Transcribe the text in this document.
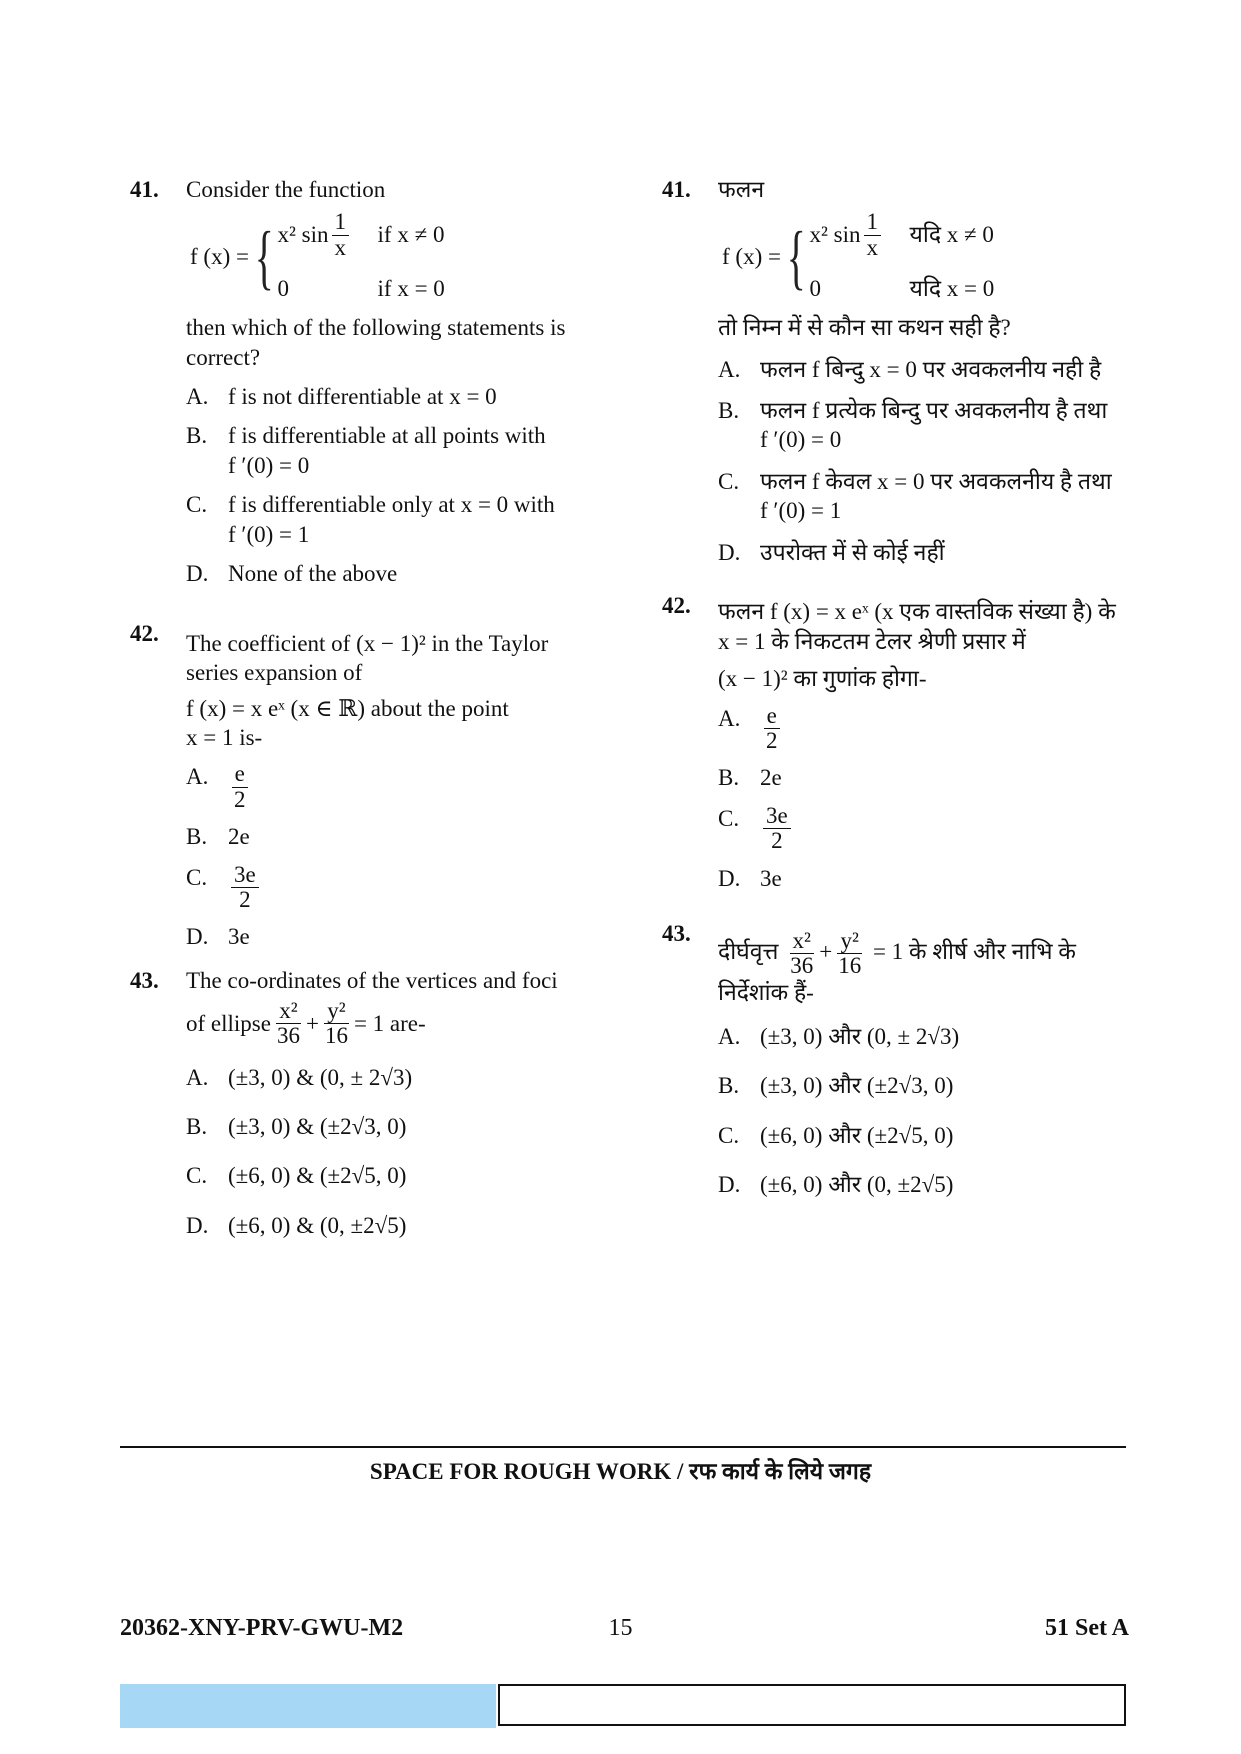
41. Consider the function
f (x) = { x² $\sin \frac{1}{x}$ if x ≠ 0
0	if x = 0
then which of the following statements is correct?
A. f is not differentiable at x = 0
B. f is differentiable at all points with
f ′(0) = 0
C. f is differentiable only at x = 0 with
f ′(0) = 1
D. None of the above
42. The coefficient of (x − 1)² in the Taylor series expansion of
f (x) = x eˣ (x ∈ ℝ) about the point
x = 1 is-
A. $\frac{e}{2}$
B. 2e
C. $\frac{3e}{2}$
D. 3e
43. The co-ordinates of the vertices and foci
of ellipse $\frac{\text{x²}}{36} + \frac{\text{y²}}{16} = 1$ are-
A. (±3, 0) & (0, ± 2√3)
B. (±3, 0) & (±2√3, 0)
C. (±6, 0) & (±2√5, 0)
D. (±6, 0) & (0, ±2√5)
41. फलन
f (x) = { x² $\sin \frac{1}{x}$ यदि x ≠ 0
0	यदि x = 0
तो निम्न में से कौन सा कथन सही है?
A. फलन f बिन्दु x = 0 पर अवकलनीय नही है
B. फलन f प्रत्येक बिन्दु पर अवकलनीय है तथा
f ′(0) = 0
C. फलन f केवल x = 0 पर अवकलनीय है तथा
f ′(0) = 1
D. उपरोक्त में से कोई नहीं
42. फलन f (x) = x eˣ (x एक वास्तविक संख्या है) के x = 1 के निकटतम टेलर श्रेणी प्रसार में
(x − 1)² का गुणांक होगा-
A. $\frac{e}{2}$
B. 2e
C. $\frac{3e}{2}$
D. 3e
43.
दीर्घवृत्त $\frac{\text{x²}}{36} + \frac{\text{y²}}{16} = 1$ के शीर्ष और नाभि के निर्देशांक हैं-
A. (±3, 0) और (0, ± 2√3)
B. (±3, 0) और (±2√3, 0)
C. (±6, 0) और (±2√5, 0)
D. (±6, 0) और (0, ±2√5)
SPACE FOR ROUGH WORK / रफ कार्य के लिये जगह
20362-XNY-PRV-GWU-M2	15	51 Set A
